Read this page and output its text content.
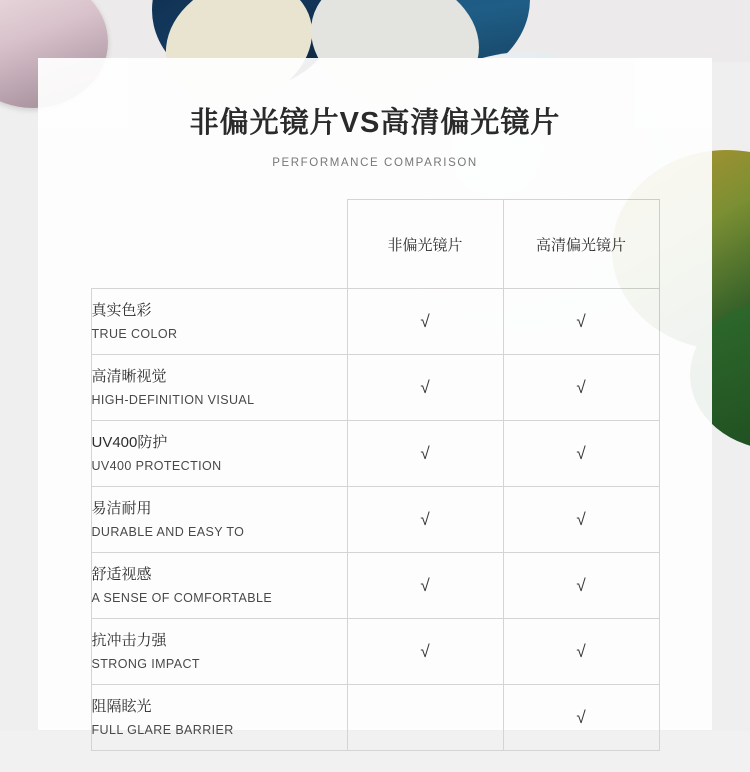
非偏光镜片VS高清偏光镜片
PERFORMANCE COMPARISON
	非偏光镜片	高清偏光镜片

真实色彩
TRUE COLOR	√	√

高清晰视觉
HIGH-DEFINITION VISUAL	√	√

UV400防护
UV400 PROTECTION	√	√

易洁耐用
DURABLE AND EASY TO	√	√

舒适视感
A SENSE OF COMFORTABLE	√	√

抗冲击力强
STRONG IMPACT	√	√

阻隔眩光
FULL GLARE BARRIER		√
